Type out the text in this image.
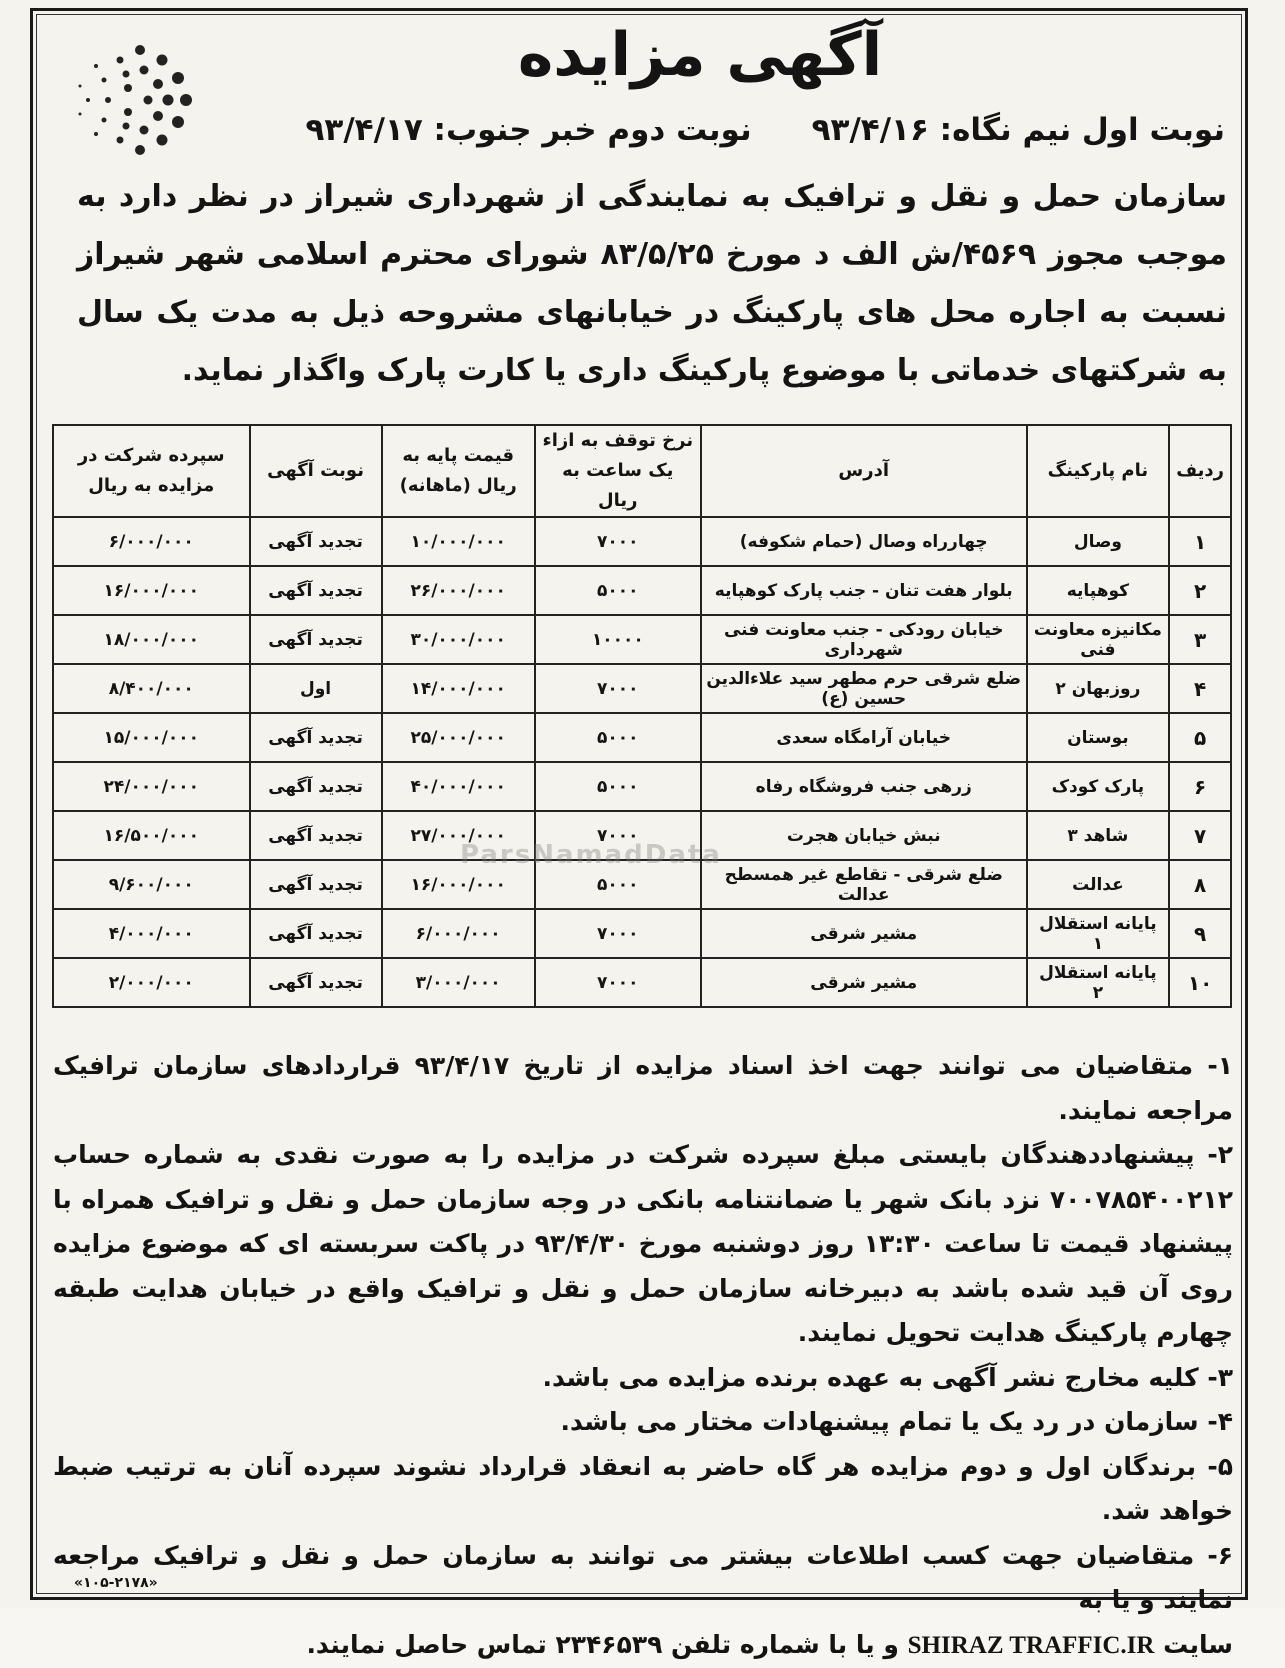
آگهی مزایده
نوبت اول نیم نگاه: ۹۳/۴/۱۶
نوبت دوم خبر جنوب: ۹۳/۴/۱۷
سازمان حمل و نقل و ترافیک به نمایندگی از شهرداری شیراز در نظر دارد به موجب مجوز ۴۵۶۹/ش الف د مورخ ۸۳/۵/۲۵ شورای محترم اسلامی شهر شیراز نسبت به اجاره محل های پارکینگ در خیابانهای مشروحه ذیل به مدت یک سال به شرکتهای خدماتی با موضوع پارکینگ داری یا کارت پارک واگذار نماید.
ردیف	نام پارکینگ	آدرس	نرخ توقف به ازاء یک ساعت به ریال	قیمت پایه به ریال (ماهانه)	نوبت آگهی	سپرده شرکت در مزایده به ریال
۱	وصال	چهارراه وصال (حمام شکوفه)	۷۰۰۰	۱۰/۰۰۰/۰۰۰	تجدید آگهی	۶/۰۰۰/۰۰۰
۲	کوهپایه	بلوار هفت تنان - جنب پارک کوهپایه	۵۰۰۰	۲۶/۰۰۰/۰۰۰	تجدید آگهی	۱۶/۰۰۰/۰۰۰
۳	مکانیزه معاونت فنی	خیابان رودکی - جنب معاونت فنی شهرداری	۱۰۰۰۰	۳۰/۰۰۰/۰۰۰	تجدید آگهی	۱۸/۰۰۰/۰۰۰
۴	روزبهان ۲	ضلع شرقی حرم مطهر سید علاءالدین حسین (ع)	۷۰۰۰	۱۴/۰۰۰/۰۰۰	اول	۸/۴۰۰/۰۰۰
۵	بوستان	خیابان آرامگاه سعدی	۵۰۰۰	۲۵/۰۰۰/۰۰۰	تجدید آگهی	۱۵/۰۰۰/۰۰۰
۶	پارک کودک	زرهی جنب فروشگاه رفاه	۵۰۰۰	۴۰/۰۰۰/۰۰۰	تجدید آگهی	۲۴/۰۰۰/۰۰۰
۷	شاهد ۳	نبش خیابان هجرت	۷۰۰۰	۲۷/۰۰۰/۰۰۰	تجدید آگهی	۱۶/۵۰۰/۰۰۰
۸	عدالت	ضلع شرقی - تقاطع غیر همسطح عدالت	۵۰۰۰	۱۶/۰۰۰/۰۰۰	تجدید آگهی	۹/۶۰۰/۰۰۰
۹	پایانه استقلال ۱	مشیر شرقی	۷۰۰۰	۶/۰۰۰/۰۰۰	تجدید آگهی	۴/۰۰۰/۰۰۰
۱۰	پایانه استقلال ۲	مشیر شرقی	۷۰۰۰	۳/۰۰۰/۰۰۰	تجدید آگهی	۲/۰۰۰/۰۰۰
ParsNamadData

۱- متقاضیان می توانند جهت اخذ اسناد مزایده از تاریخ ۹۳/۴/۱۷ قراردادهای سازمان ترافیک مراجعه نمایند.

۲- پیشنهاددهندگان بایستی مبلغ سپرده شرکت در مزایده را به صورت نقدی به شماره حساب ۷۰۰۷۸۵۴۰۰۲۱۲ نزد بانک شهر یا ضمانتنامه بانکی در وجه سازمان حمل و نقل و ترافیک همراه با پیشنهاد قیمت تا ساعت ۱۳:۳۰ روز دوشنبه مورخ ۹۳/۴/۳۰ در پاکت سربسته ای که موضوع مزایده روی آن قید شده باشد به دبیرخانه سازمان حمل و نقل و ترافیک واقع در خیابان هدایت طبقه چهارم پارکینگ هدایت تحویل نمایند.

۳- کلیه مخارج نشر آگهی به عهده برنده مزایده می باشد.

۴- سازمان در رد یک یا تمام پیشنهادات مختار می باشد.

۵- برندگان اول و دوم مزایده هر گاه حاضر به انعقاد قرارداد نشوند سپرده آنان به ترتیب ضبط خواهد شد.

۶- متقاضیان جهت کسب اطلاعات بیشتر می توانند به سازمان حمل و نقل و ترافیک مراجعه نمایند و یا به

سایت SHIRAZ TRAFFIC.IR و یا با شماره تلفن ۲۳۴۶۵۳۹ تماس حاصل نمایند.

«۱۰۵-۲۱۷۸»
